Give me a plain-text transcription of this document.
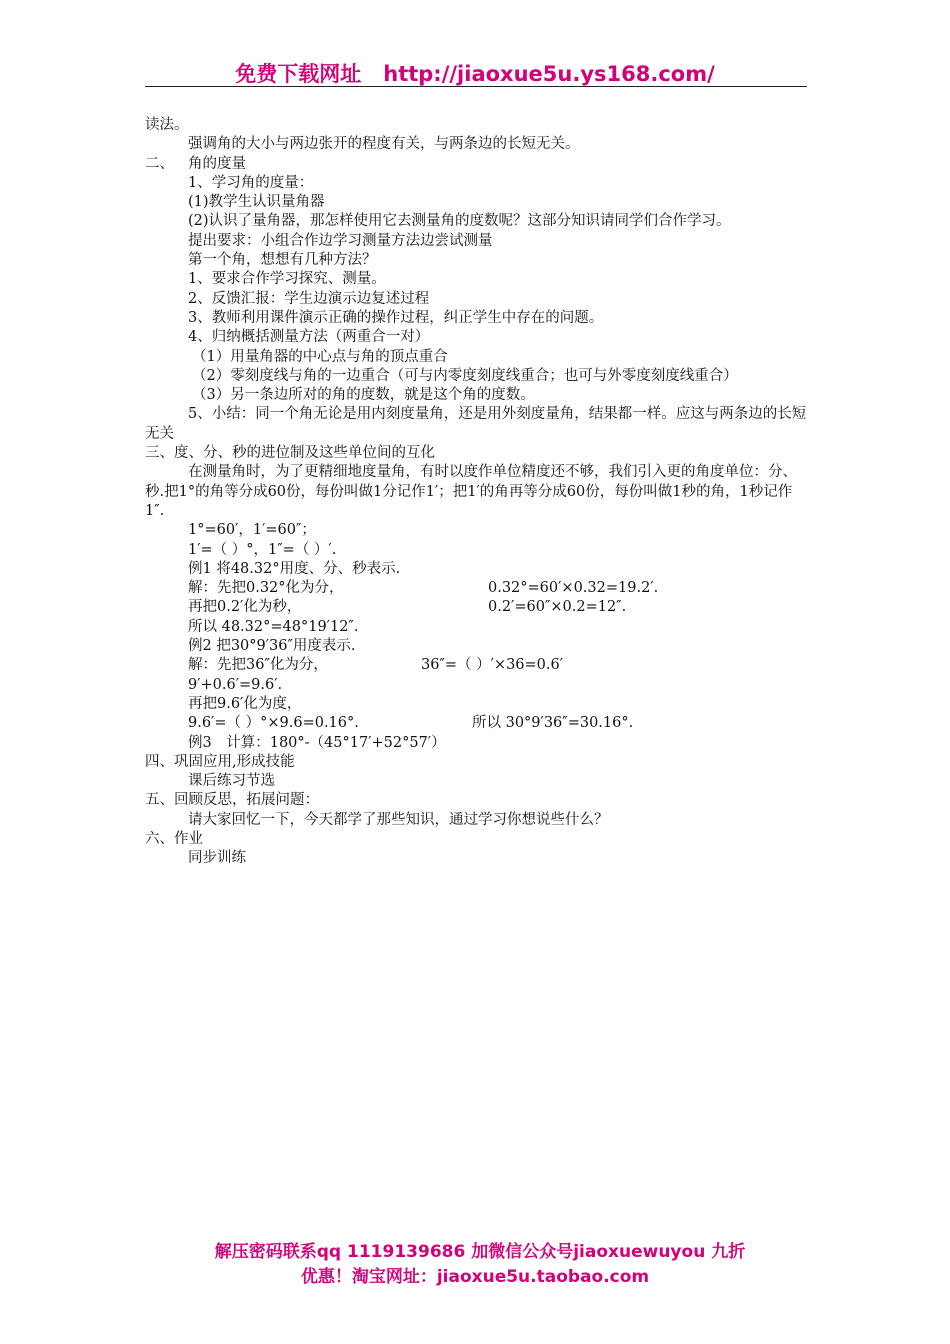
免费下载网址 http://jiaoxue5u.ys168.com/
读法。
强调角的大小与两边张开的程度有关，与两条边的长短无关。
二、 角的度量
1、学习角的度量：
(1)教学生认识量角器
(2)认识了量角器，那怎样使用它去测量角的度数呢？这部分知识请同学们合作学习。
提出要求：小组合作边学习测量方法边尝试测量
第一个角，想想有几种方法？
1、要求合作学习探究、测量。
2、反馈汇报：学生边演示边复述过程
3、教师利用课件演示正确的操作过程，纠正学生中存在的问题。
4、归纳概括测量方法（两重合一对）
（1）用量角器的中心点与角的顶点重合
（2）零刻度线与角的一边重合（可与内零度刻度线重合；也可与外零度刻度线重合）
（3）另一条边所对的角的度数，就是这个角的度数。
5、小结：同一个角无论是用内刻度量角，还是用外刻度量角，结果都一样。应这与两条边的长短无关
三、度、分、秒的进位制及这些单位间的互化
在测量角时，为了更精细地度量角，有时以度作单位精度还不够，我们引入更的角度单位：分、秒.把1°的角等分成60份，每份叫做1分记作1′；把1′的角再等分成60份，每份叫做1秒的角，1秒记作1″.
1°=60′，1′=60″；
1′=（ ）°，1″=（ ）′.
例1 将48.32°用度、分、秒表示.
解：先把0.32°化为分，	0.32°=60′×0.32=19.2′.
再把0.2′化为秒，	0.2′=60″×0.2=12″.
所以 48.32°=48°19′12″.
例2 把30°9′36″用度表示.
解：先把36″化为分，	36″=（ ）′×36=0.6′
9′+0.6′=9.6′.
再把9.6′化为度，
9.6′=（ ）°×9.6=0.16°.	所以 30°9′36″=30.16°.
例3　计算：180°-（45°17′+52°57′）
四、巩固应用,形成技能
课后练习节选
五、回顾反思，拓展问题：
请大家回忆一下，今天都学了那些知识，通过学习你想说些什么？
六、作业
同步训练
解压密码联系qq 1119139686 加微信公众号jiaoxuewuyou 九折
优惠！淘宝网址：jiaoxue5u.taobao.com
